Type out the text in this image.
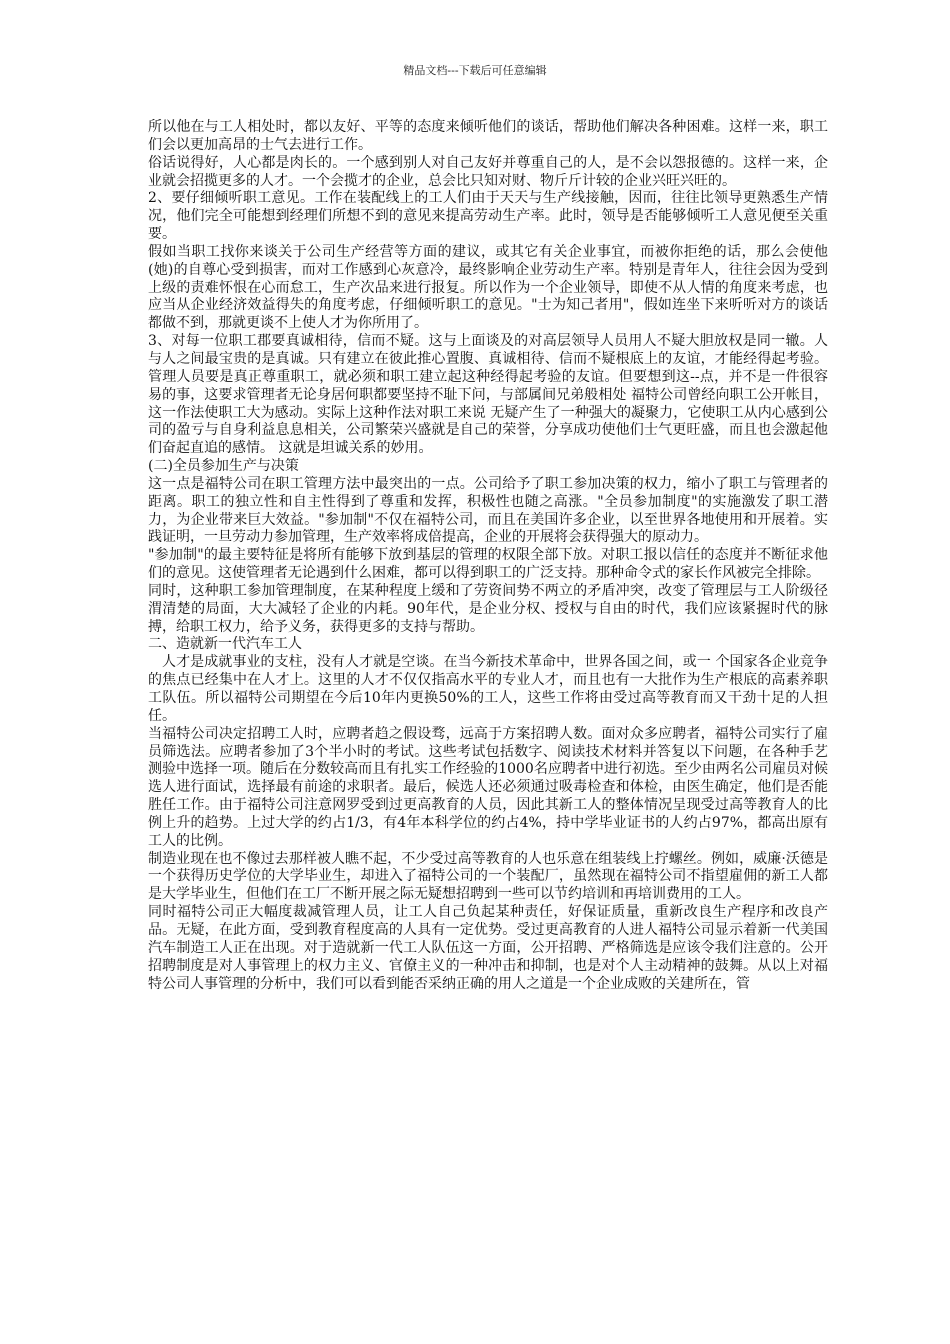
精品文档---下载后可任意编辑

所以他在与工人相处时，都以友好、平等的态度来倾听他们的谈话，帮助他们解决各种困难。这样一来，职工们会以更加高昂的士气去进行工作。

俗话说得好，人心都是肉长的。一个感到别人对自己友好并尊重自己的人，是不会以怨报德的。这样一来，企业就会招揽更多的人才。一个会揽才的企业，总会比只知对财、物斤斤计较的企业兴旺兴旺的。

2、要仔细倾听职工意见。工作在装配线上的工人们由于天天与生产线接触，因而，往往比领导更熟悉生产情况，他们完全可能想到经理们所想不到的意见来提高劳动生产率。此时，领导是否能够倾听工人意见便至关重要。

假如当职工找你来谈关于公司生产经营等方面的建议，或其它有关企业事宜，而被你拒绝的话，那么会使他(她)的自尊心受到损害，而对工作感到心灰意冷，最终影响企业劳动生产率。特别是青年人，往往会因为受到上级的责难怀恨在心而怠工，生产次品来进行报复。所以作为一个企业领导，即使不从人情的角度来考虑，也应当从企业经济效益得失的角度考虑，仔细倾听职工的意见。"士为知己者用"，假如连坐下来听听对方的谈话都做不到，那就更谈不上使人才为你所用了。

3、对每一位职工郡要真诚相待，信而不疑。这与上面谈及的对高层领导人员用人不疑大胆放权是同一辙。人与人之间最宝贵的是真诚。只有建立在彼此推心置腹、真诚相待、信而不疑根底上的友谊，才能经得起考验。管理人员要是真正尊重职工，就必须和职工建立起这种经得起考验的友谊。但要想到这--点，并不是一件很容易的事，这要求管理者无论身居何职都要坚持不耻下问，与部属间兄弟般相处 福特公司曾经向职工公开帐目，这一作法使职工大为感动。实际上这种作法对职工来说 无疑产生了一种强大的凝聚力，它使职工从内心感到公司的盈亏与自身利益息息相关，公司繁荣兴盛就是自己的荣誉，分享成功使他们士气更旺盛，而且也会激起他们奋起直追的感情。 这就是坦诚关系的妙用。

(二)全员参加生产与决策

这一点是福特公司在职工管理方法中最突出的一点。公司给予了职工参加决策的权力，缩小了职工与管理者的距离。职工的独立性和自主性得到了尊重和发挥，积极性也随之高涨。"全员参加制度"的实施激发了职工潜力，为企业带来巨大效益。"参加制"不仅在福特公司，而且在美国许多企业，以至世界各地使用和开展着。实践证明，一旦劳动力参加管理，生产效率将成倍提高，企业的开展将会获得强大的原动力。

"参加制"的最主要特征是将所有能够下放到基层的管理的权限全部下放。对职工报以信任的态度并不断征求他们的意见。这使管理者无论遇到什么困难，都可以得到职工的广泛支持。那种命令式的家长作风被完全排除。

同时，这种职工参加管理制度，在某种程度上缓和了劳资间势不两立的矛盾冲突，改变了管理层与工人阶级径渭清楚的局面，大大减轻了企业的内耗。90年代，是企业分权、授权与自由的时代，我们应该紧握时代的脉搏，给职工权力，给予义务，获得更多的支持与帮助。

二、造就新一代汽车工人

人才是成就事业的支柱，没有人才就是空谈。在当今新技术革命中，世界各国之间，或一 个国家各企业竞争的焦点已经集中在人才上。这里的人才不仅仅指高水平的专业人才，而且也有一大批作为生产根底的高素养职工队伍。所以福特公司期望在今后10年内更换50%的工人，这些工作将由受过高等教育而又干劲十足的人担任。

当福特公司决定招聘工人时，应聘者趋之假设骛，远高于方案招聘人数。面对众多应聘者，福特公司实行了雇员筛选法。应聘者参加了3个半小时的考试。这些考试包括数字、阅读技术材料并答复以下问题，在各种手艺测验中选择一项。随后在分数较高而且有扎实工作经验的1000名应聘者中进行初选。至少由两名公司雇员对候选人进行面试，选择最有前途的求职者。最后，候选人还必须通过吸毒检查和体检，由医生确定，他们是否能胜任工作。由于福特公司注意网罗受到过更高教育的人员，因此其新工人的整体情况呈现受过高等教育人的比例上升的趋势。上过大学的约占1/3，有4年本科学位的约占4%，持中学毕业证书的人约占97%，都高出原有工人的比例。

制造业现在也不像过去那样被人瞧不起，不少受过高等教育的人也乐意在组装线上拧螺丝。例如，威廉·沃德是一个获得历史学位的大学毕业生，却进入了福特公司的一个装配厂，虽然现在福特公司不指望雇佣的新工人都是大学毕业生，但他们在工厂不断开展之际无疑想招聘到一些可以节约培训和再培训费用的工人。

同时福特公司正大幅度裁减管理人员，让工人自己负起某种责任，好保证质量，重新改良生产程序和改良产品。无疑，在此方面，受到教育程度高的人具有一定优势。受过更高教育的人进人福特公司显示着新一代美国汽车制造工人正在出现。对于造就新一代工人队伍这一方面，公开招聘、严格筛选是应该令我们注意的。公开招聘制度是对人事管理上的权力主义、官僚主义的一种冲击和抑制，也是对个人主动精神的鼓舞。从以上对福特公司人事管理的分析中，我们可以看到能否采纳正确的用人之道是一个企业成败的关建所在，管
